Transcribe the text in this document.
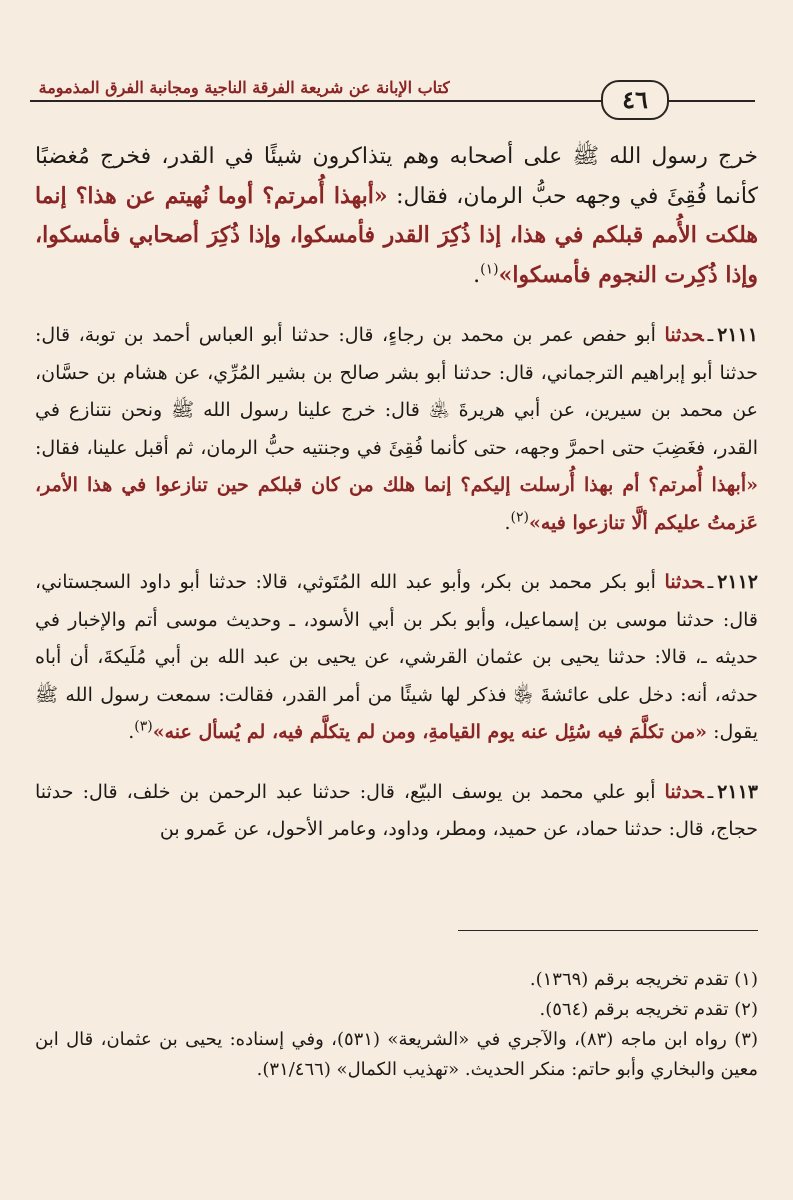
كتاب الإبانة عن شريعة الفرقة الناجية ومجانبة الفرق المذمومة	٤٦

خرج رسول الله ﷺ على أصحابه وهم يتذاكرون شيئًا في القدر، فخرج مُغضبًا كأنما فُقِئَ في وجهه حبُّ الرمان، فقال: «أبهذا أُمرتم؟ أوما نُهيتم عن هذا؟ إنما هلكت الأُمم قبلكم في هذا، إذا ذُكِرَ القدر فأمسكوا، وإذا ذُكِرَ أصحابي فأمسكوا، وإذا ذُكِرت النجوم فأمسكوا»$^{(١)}$.

٢١١١ـحدثنا أبو حفص عمر بن محمد بن رجاءٍ، قال: حدثنا أبو العباس أحمد بن توبة، قال: حدثنا أبو إبراهيم الترجماني، قال: حدثنا أبو بشر صالح بن بشير المُرِّي، عن هشام بن حسَّان، عن محمد بن سيرين، عن أبي هريرةَ ﵁ قال: خرج علينا رسول الله ﷺ ونحن نتنازع في القدر، فغَضِبَ حتى احمرَّ وجهه، حتى كأنما فُقِئَ في وجنتيه حبُّ الرمان، ثم أقبل علينا، فقال: «أبهذا أُمرتم؟ أم بهذا أُرسلت إليكم؟ إنما هلك من كان قبلكم حين تنازعوا في هذا الأمر، عَزمتُ عليكم ألَّا تنازعوا فيه»$^{(٢)}$.

٢١١٢ـحدثنا أبو بكر محمد بن بكر، وأبو عبد الله المُتَوثي، قالا: حدثنا أبو داود السجستاني، قال: حدثنا موسى بن إسماعيل، وأبو بكر بن أبي الأسود، ـ وحديث موسى أتم والإخبار في حديثه ـ، قالا: حدثنا يحيى بن عثمان القرشي، عن يحيى بن عبد الله بن أبي مُلَيكةَ، أن أباه حدثه، أنه: دخل على عائشةَ ﵂ فذكر لها شيئًا من أمر القدر، فقالت: سمعت رسول الله ﷺ يقول: «من تكلَّمَ فيه سُئِل عنه يوم القيامةِ، ومن لم يتكلَّم فيه، لم يُسأل عنه»$^{(٣)}$.

٢١١٣ـحدثنا أبو علي محمد بن يوسف البيّع، قال: حدثنا عبد الرحمن بن خلف، قال: حدثنا حجاج، قال: حدثنا حماد، عن حميد، ومطر، وداود، وعامر الأحول، عن عَمرو بن

(١) تقدم تخريجه برقم (١٣٦٩).

(٢) تقدم تخريجه برقم (٥٦٤).

(٣) رواه ابن ماجه (٨٣)، والآجري في «الشريعة» (٥٣١)، وفي إسناده: يحيى بن عثمان، قال ابن معين والبخاري وأبو حاتم: منكر الحديث. «تهذيب الكمال» (٣١/٤٦٦).
